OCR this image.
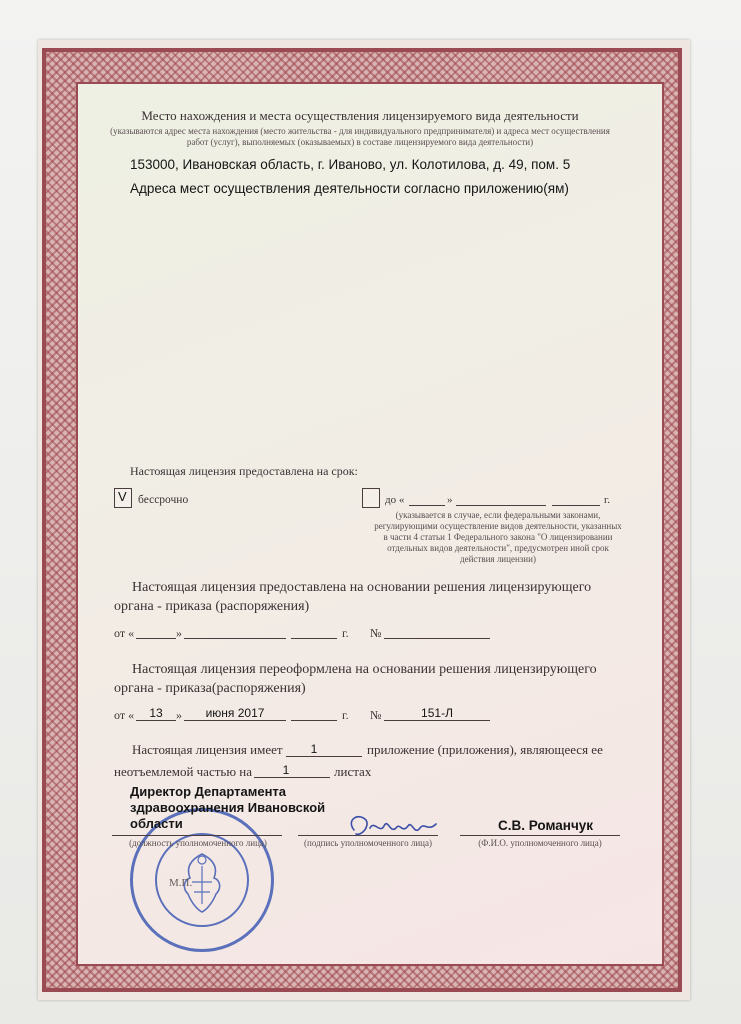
Место нахождения и места осуществления лицензируемого вида деятельности
(указываются адрес места нахождения (место жительства - для индивидуального предпринимателя) и адреса мест осуществления работ (услуг), выполняемых (оказываемых) в составе лицензируемого вида деятельности)
153000, Ивановская область, г. Иваново, ул. Колотилова, д. 49, пом. 5
Адреса мест осуществления деятельности согласно приложению(ям)
Настоящая лицензия предоставлена на срок:
V бессрочно	до «	»	г.
(указывается в случае, если федеральными законами, регулирующими осуществление видов деятельности, указанных в части 4 статьи 1 Федерального закона "О лицензировании отдельных видов деятельности", предусмотрен иной срок действия лицензии)
Настоящая лицензия предоставлена на основании решения лицензирующего органа - приказа (распоряжения)
от «	»	г. №
Настоящая лицензия переоформлена на основании решения лицензирующего органа - приказа(распоряжения)
от «	13	»	июня 2017	г. №	151-Л
Настоящая лицензия имеет	1	приложение (приложения), являющееся ее
неотъемлемой частью на	1	листах
М.П.
Директор Департамента здравоохранения Ивановской области
(должность уполномоченного лица)	(подпись уполномоченного лица)
С.В. Романчук
(Ф.И.О. уполномоченного лица)
